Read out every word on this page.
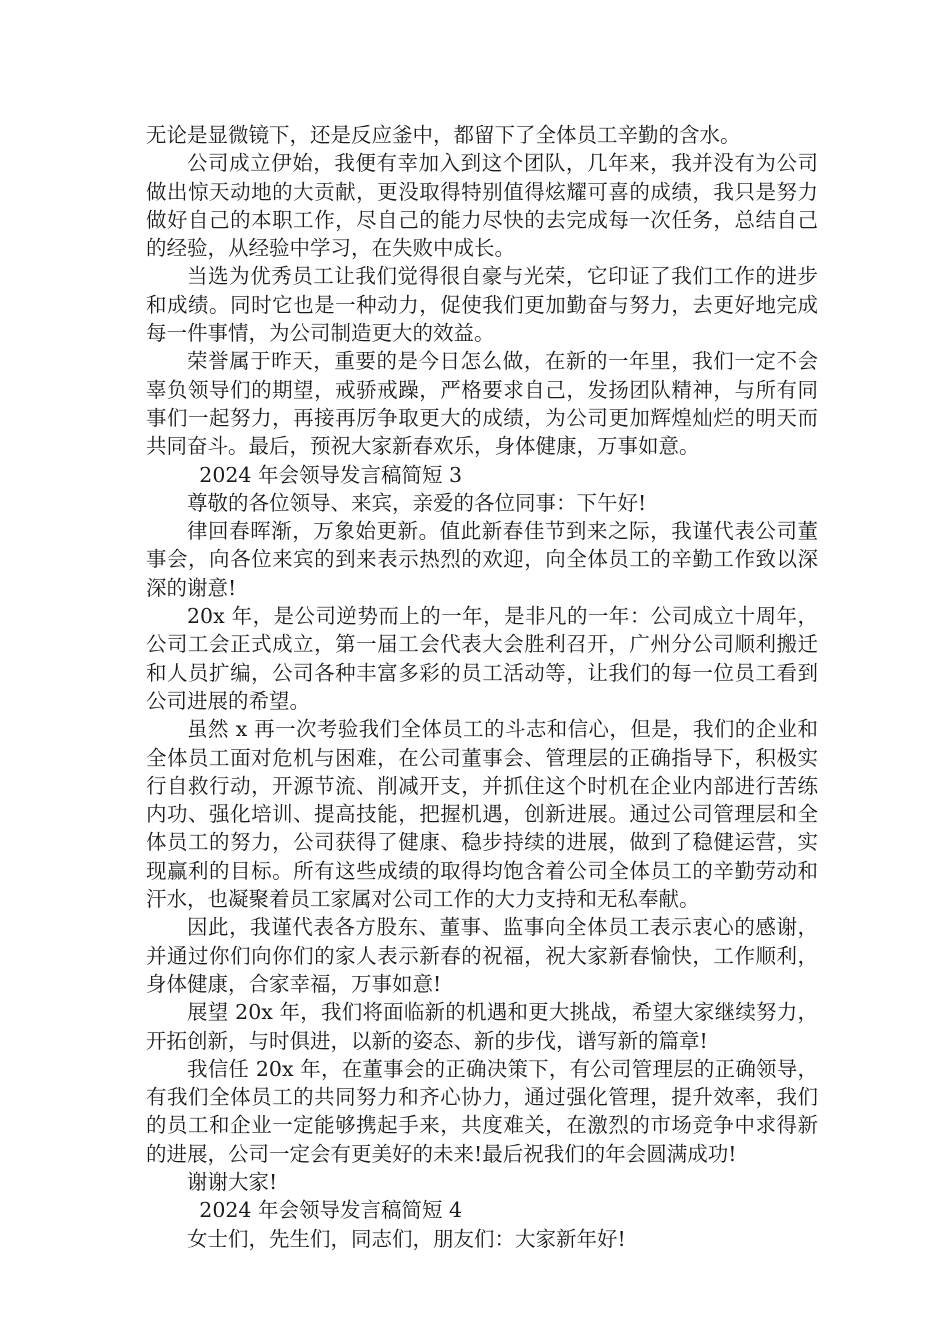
无论是显微镜下，还是反应釜中，都留下了全体员工辛勤的含水。

公司成立伊始，我便有幸加入到这个团队，几年来，我并没有为公司做出惊天动地的大贡献，更没取得特别值得炫耀可喜的成绩，我只是努力做好自己的本职工作，尽自己的能力尽快的去完成每一次任务，总结自己的经验，从经验中学习，在失败中成长。

当选为优秀员工让我们觉得很自豪与光荣，它印证了我们工作的进步和成绩。同时它也是一种动力，促使我们更加勤奋与努力，去更好地完成每一件事情，为公司制造更大的效益。

荣誉属于昨天，重要的是今日怎么做，在新的一年里，我们一定不会辜负领导们的期望，戒骄戒躁，严格要求自己，发扬团队精神，与所有同事们一起努力，再接再厉争取更大的成绩，为公司更加辉煌灿烂的明天而共同奋斗。最后，预祝大家新春欢乐，身体健康，万事如意。

2024 年会领导发言稿简短 3

尊敬的各位领导、来宾，亲爱的各位同事：下午好!

律回春晖渐，万象始更新。值此新春佳节到来之际，我谨代表公司董事会，向各位来宾的到来表示热烈的欢迎，向全体员工的辛勤工作致以深深的谢意!

20x 年，是公司逆势而上的一年，是非凡的一年：公司成立十周年，公司工会正式成立，第一届工会代表大会胜利召开，广州分公司顺利搬迁和人员扩编，公司各种丰富多彩的员工活动等，让我们的每一位员工看到公司进展的希望。

虽然 x 再一次考验我们全体员工的斗志和信心，但是，我们的企业和全体员工面对危机与困难，在公司董事会、管理层的正确指导下，积极实行自救行动，开源节流、削减开支，并抓住这个时机在企业内部进行苦练内功、强化培训、提高技能，把握机遇，创新进展。通过公司管理层和全体员工的努力，公司获得了健康、稳步持续的进展，做到了稳健运营，实现赢利的目标。所有这些成绩的取得均饱含着公司全体员工的辛勤劳动和汗水，也凝聚着员工家属对公司工作的大力支持和无私奉献。

因此，我谨代表各方股东、董事、监事向全体员工表示衷心的感谢，并通过你们向你们的家人表示新春的祝福，祝大家新春愉快，工作顺利，身体健康，合家幸福，万事如意!

展望 20x 年，我们将面临新的机遇和更大挑战，希望大家继续努力，开拓创新，与时俱进，以新的姿态、新的步伐，谱写新的篇章!

我信任 20x 年，在董事会的正确决策下，有公司管理层的正确领导，有我们全体员工的共同努力和齐心协力，通过强化管理，提升效率，我们的员工和企业一定能够携起手来，共度难关，在激烈的市场竞争中求得新的进展，公司一定会有更美好的未来!最后祝我们的年会圆满成功!

谢谢大家!

2024 年会领导发言稿简短 4

女士们，先生们，同志们，朋友们：大家新年好!
